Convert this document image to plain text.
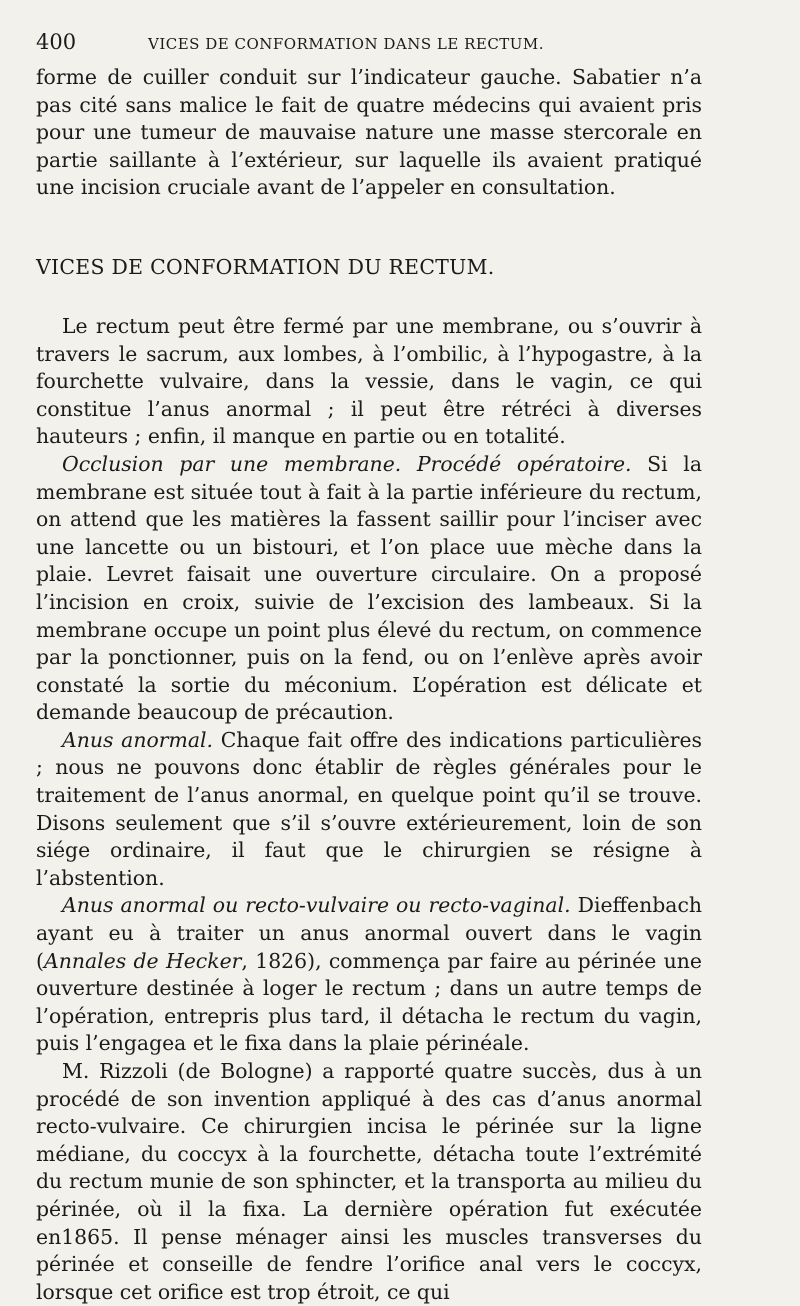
400	VICES DE CONFORMATION DANS LE RECTUM.

forme de cuiller conduit sur l’indicateur gauche. Sabatier n’a pas cité sans malice le fait de quatre médecins qui avaient pris pour une tumeur de mauvaise nature une masse stercorale en partie saillante à l’extérieur, sur laquelle ils avaient pratiqué une incision cruciale avant de l’appeler en consultation.

VICES DE CONFORMATION DU RECTUM.

Le rectum peut être fermé par une membrane, ou s’ouvrir à travers le sacrum, aux lombes, à l’ombilic, à l’hypogastre, à la fourchette vulvaire, dans la vessie, dans le vagin, ce qui constitue l’anus anormal ; il peut être rétréci à diverses hauteurs ; enfin, il manque en partie ou en totalité.

Occlusion par une membrane. Procédé opératoire. Si la membrane est située tout à fait à la partie inférieure du rectum, on attend que les matières la fassent saillir pour l’inciser avec une lancette ou un bistouri, et l’on place uue mèche dans la plaie. Levret faisait une ouverture circulaire. On a proposé l’incision en croix, suivie de l’excision des lambeaux. Si la membrane occupe un point plus élevé du rectum, on commence par la ponctionner, puis on la fend, ou on l’enlève après avoir constaté la sortie du méconium. L’opération est délicate et demande beaucoup de précaution.

Anus anormal. Chaque fait offre des indications particulières ; nous ne pouvons donc établir de règles générales pour le traitement de l’anus anormal, en quelque point qu’il se trouve. Disons seulement que s’il s’ouvre extérieurement, loin de son siége ordinaire, il faut que le chirurgien se résigne à l’abstention.

Anus anormal ou recto-vulvaire ou recto-vaginal. Dieffenbach ayant eu à traiter un anus anormal ouvert dans le vagin (Annales de Hecker, 1826), commença par faire au périnée une ouverture destinée à loger le rectum ; dans un autre temps de l’opération, entrepris plus tard, il détacha le rectum du vagin, puis l’engagea et le fixa dans la plaie périnéale.

M. Rizzoli (de Bologne) a rapporté quatre succès, dus à un procédé de son invention appliqué à des cas d’anus anormal recto-vulvaire. Ce chirurgien incisa le périnée sur la ligne médiane, du coccyx à la fourchette, détacha toute l’extrémité du rectum munie de son sphincter, et la transporta au milieu du périnée, où il la fixa. La dernière opération fut exécutée en1865. Il pense ménager ainsi les muscles transverses du périnée et conseille de fendre l’orifice anal vers le coccyx, lorsque cet orifice est trop étroit, ce qui
